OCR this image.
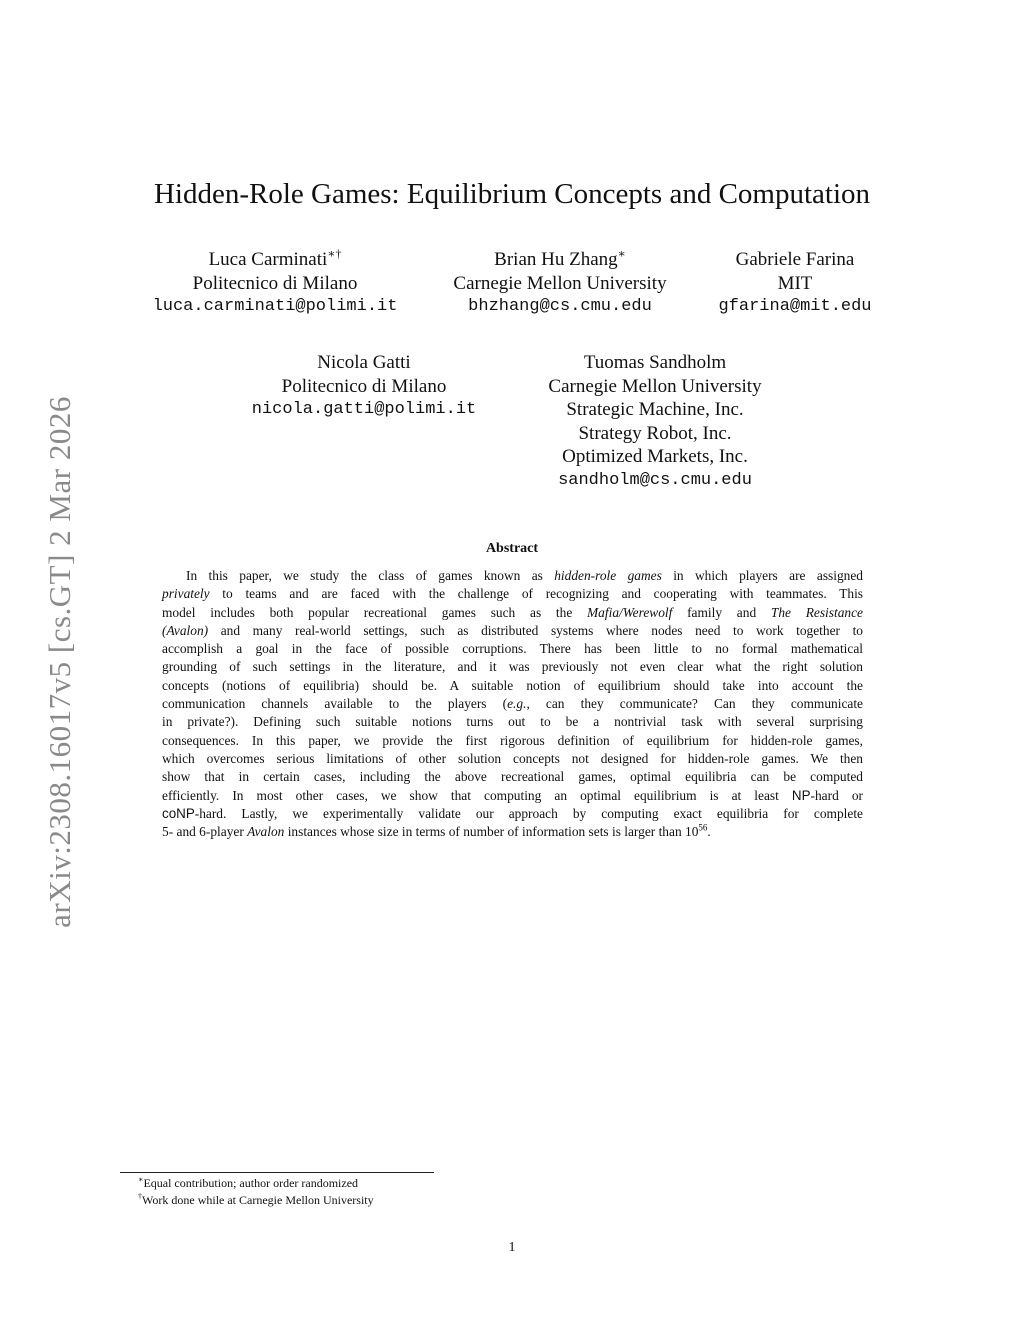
arXiv:2308.16017v5 [cs.GT] 2 Mar 2026
Hidden-Role Games: Equilibrium Concepts and Computation
Luca Carminati∗†
Politecnico di Milano
luca.carminati@polimi.it
Brian Hu Zhang∗
Carnegie Mellon University
bhzhang@cs.cmu.edu
Gabriele Farina
MIT
gfarina@mit.edu
Nicola Gatti
Politecnico di Milano
nicola.gatti@polimi.it
Tuomas Sandholm
Carnegie Mellon University
Strategic Machine, Inc.
Strategy Robot, Inc.
Optimized Markets, Inc.
sandholm@cs.cmu.edu
Abstract
In this paper, we study the class of games known as hidden-role games in which players are assigned
privately to teams and are faced with the challenge of recognizing and cooperating with teammates. This
model includes both popular recreational games such as the Mafia/Werewolf family and The Resistance
(Avalon) and many real-world settings, such as distributed systems where nodes need to work together to
accomplish a goal in the face of possible corruptions. There has been little to no formal mathematical
grounding of such settings in the literature, and it was previously not even clear what the right solution
concepts (notions of equilibria) should be. A suitable notion of equilibrium should take into account the
communication channels available to the players (e.g., can they communicate? Can they communicate
in private?). Defining such suitable notions turns out to be a nontrivial task with several surprising
consequences. In this paper, we provide the first rigorous definition of equilibrium for hidden-role games,
which overcomes serious limitations of other solution concepts not designed for hidden-role games. We then
show that in certain cases, including the above recreational games, optimal equilibria can be computed
efficiently. In most other cases, we show that computing an optimal equilibrium is at least NP-hard or
coNP-hard. Lastly, we experimentally validate our approach by computing exact equilibria for complete
5- and 6-player Avalon instances whose size in terms of number of information sets is larger than $10^{56}$.
∗Equal contribution; author order randomized
†Work done while at Carnegie Mellon University
1
